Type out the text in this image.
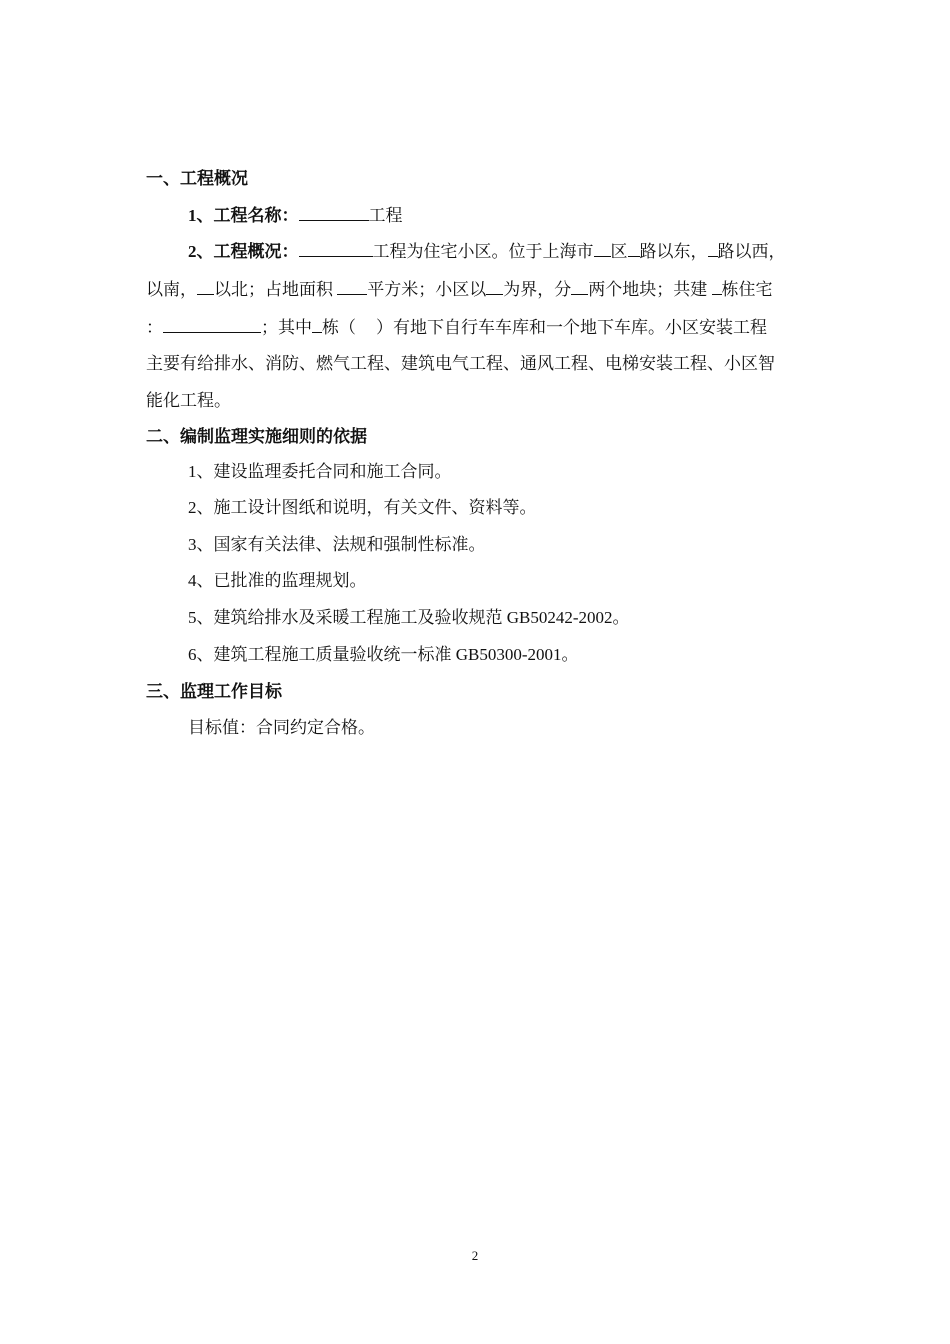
一、工程概况
1、工程名称：	工程
2、工程概况：	工程为住宅小区。位于上海市 区 路以东， 路以西，
以南， 以北；占地面积 平方米；小区以 为界，分 两个地块；共建 栋住宅
：	；其中 栋（ ）有地下自行车车库和一个地下车库。小区安装工程
主要有给排水、消防、燃气工程、建筑电气工程、通风工程、电梯安装工程、小区智
能化工程。
二、编制监理实施细则的依据
1、建设监理委托合同和施工合同。
2、施工设计图纸和说明，有关文件、资料等。
3、国家有关法律、法规和强制性标准。
4、已批准的监理规划。
5、建筑给排水及采暖工程施工及验收规范 GB50242-2002。
6、建筑工程施工质量验收统一标准 GB50300-2001。
三、监理工作目标
目标值：合同约定合格。
2
